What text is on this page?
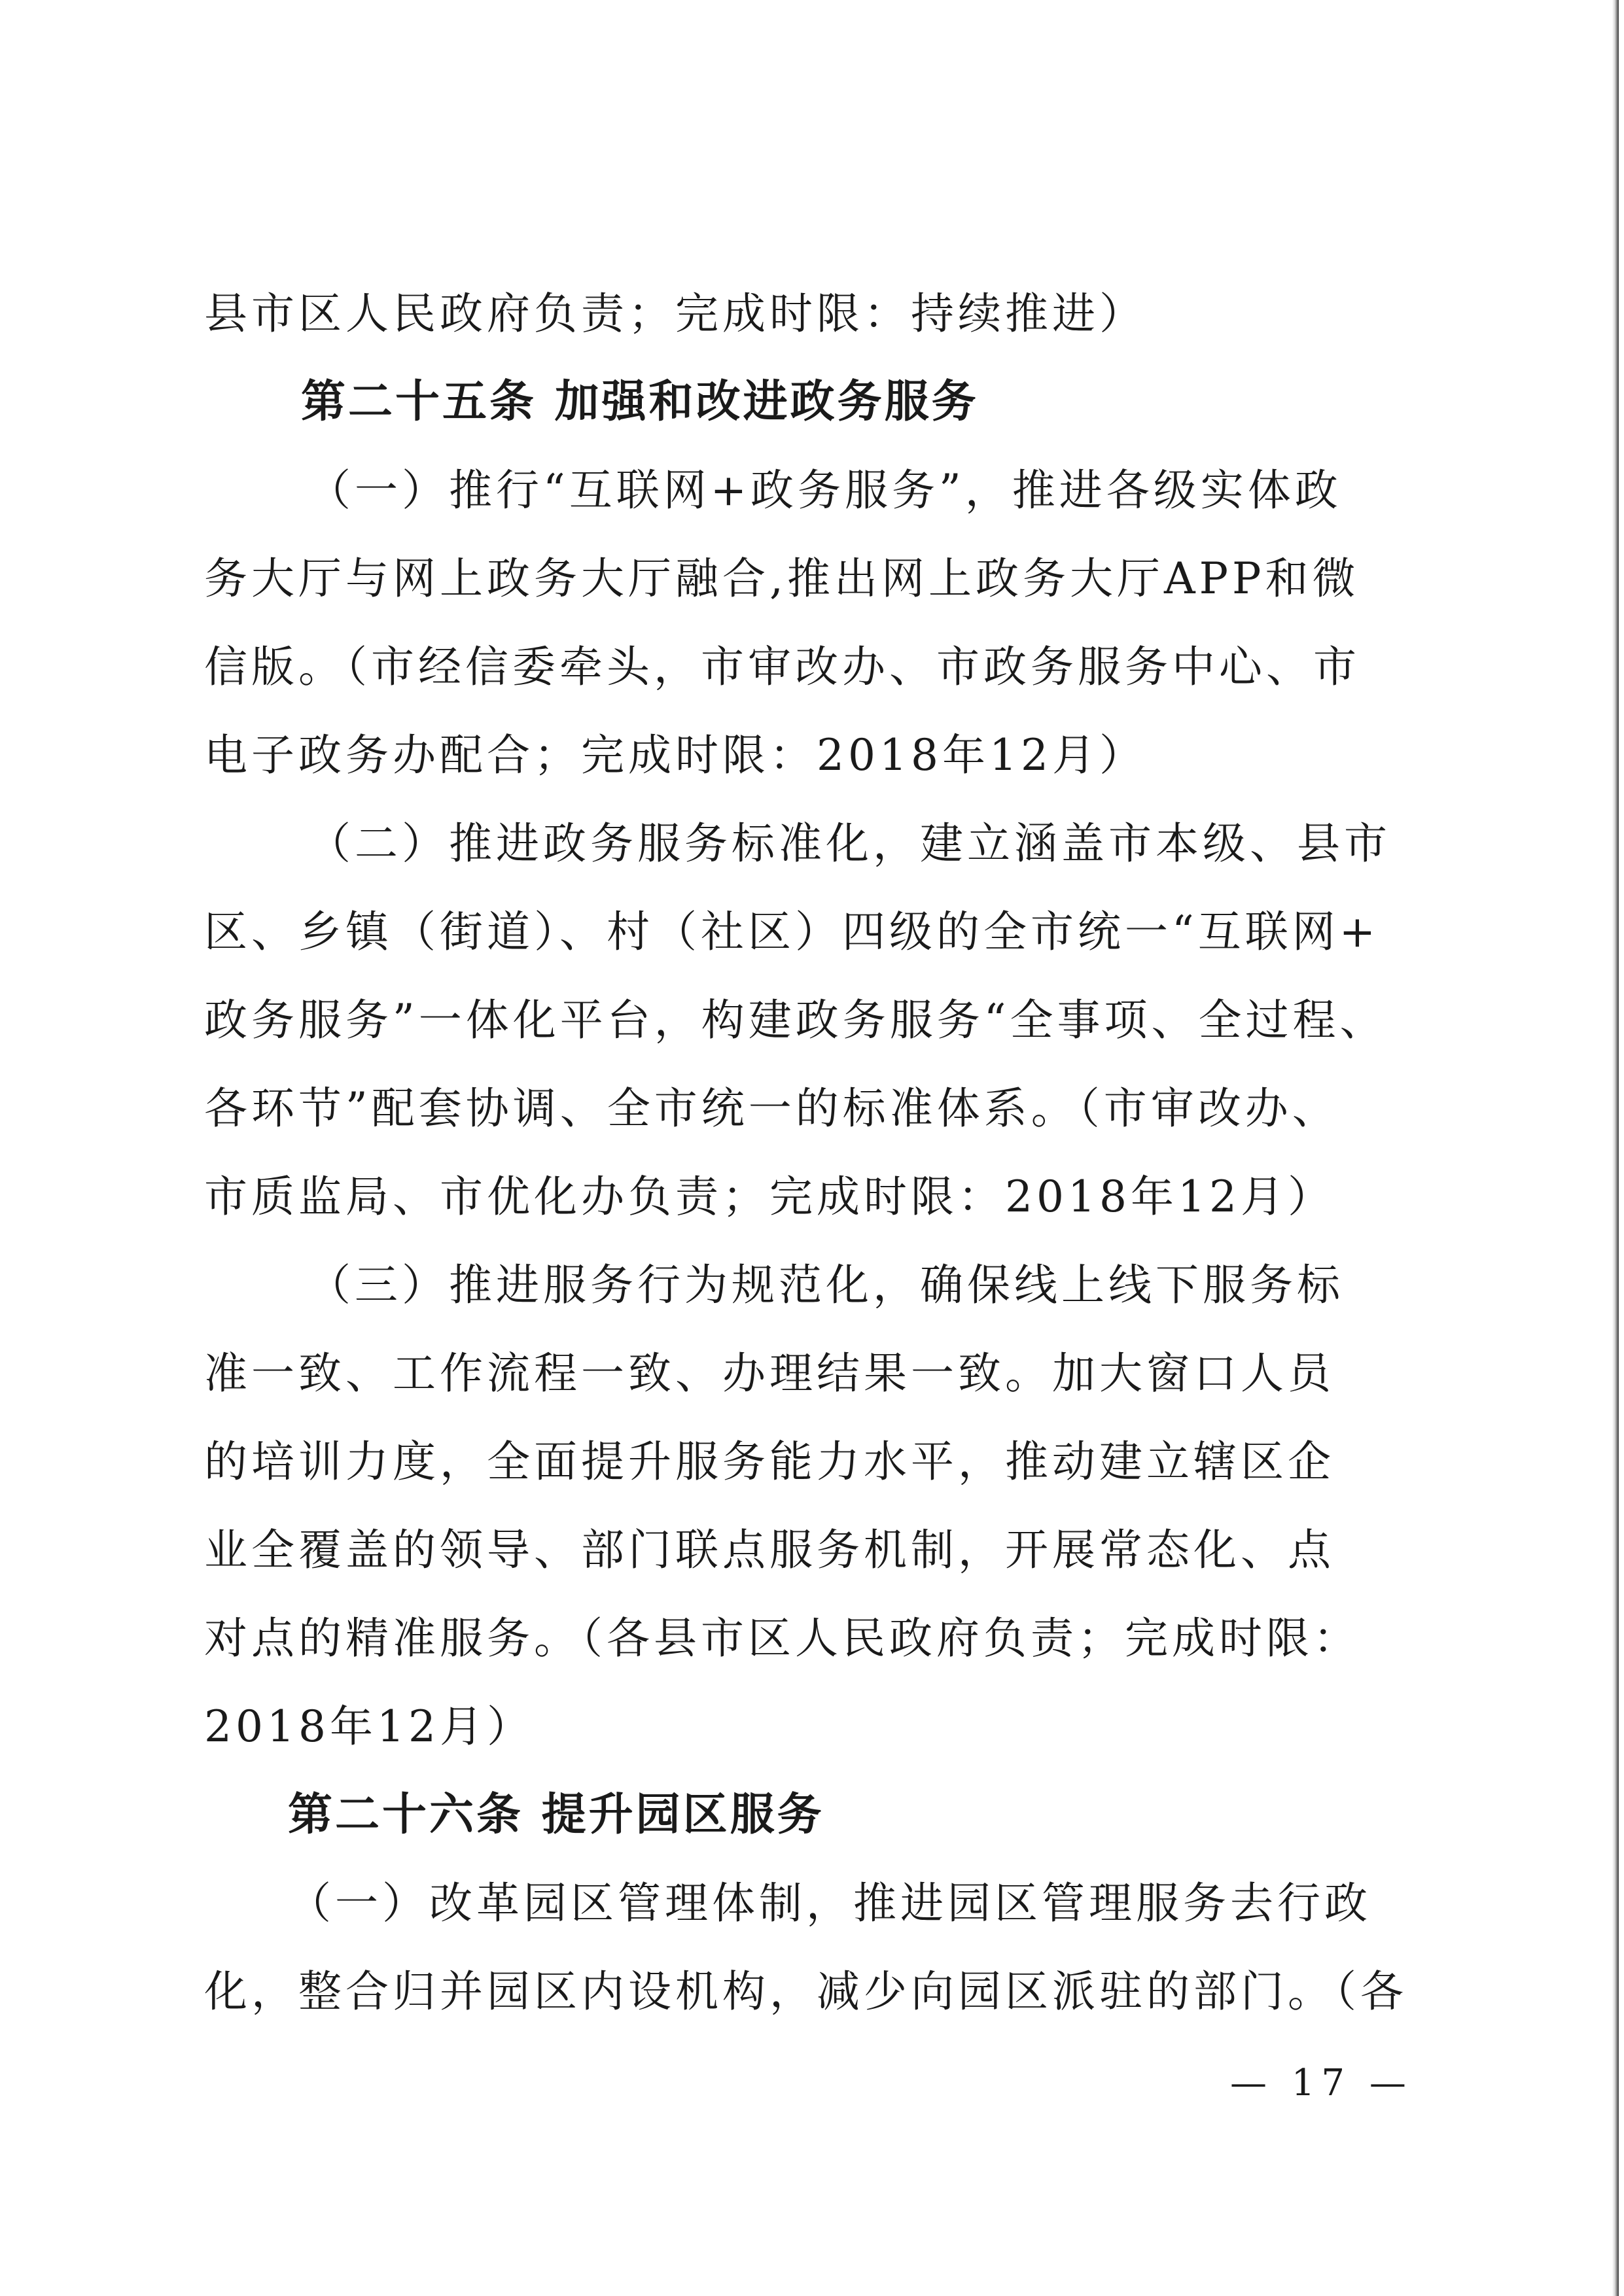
县市区人民政府负责；完成时限：持续推进）
第二十五条 加强和改进政务服务
（一）推行“互联网+政务服务”，推进各级实体政
务大厅与网上政务大厅融合,推出网上政务大厅APP和微
信版。（市经信委牵头，市审改办、市政务服务中心、市
电子政务办配合；完成时限：2018年12月）
（二）推进政务服务标准化，建立涵盖市本级、县市
区、乡镇（街道）、村（社区）四级的全市统一“互联网+
政务服务”一体化平台，构建政务服务“全事项、全过程、
各环节”配套协调、全市统一的标准体系。（市审改办、
市质监局、市优化办负责；完成时限：2018年12月）
（三）推进服务行为规范化，确保线上线下服务标
准一致、工作流程一致、办理结果一致。加大窗口人员
的培训力度，全面提升服务能力水平，推动建立辖区企
业全覆盖的领导、部门联点服务机制，开展常态化、点
对点的精准服务。（各县市区人民政府负责；完成时限：
2018年12月）
第二十六条 提升园区服务
（一）改革园区管理体制，推进园区管理服务去行政
化，整合归并园区内设机构，减少向园区派驻的部门。（各
— 17 —
